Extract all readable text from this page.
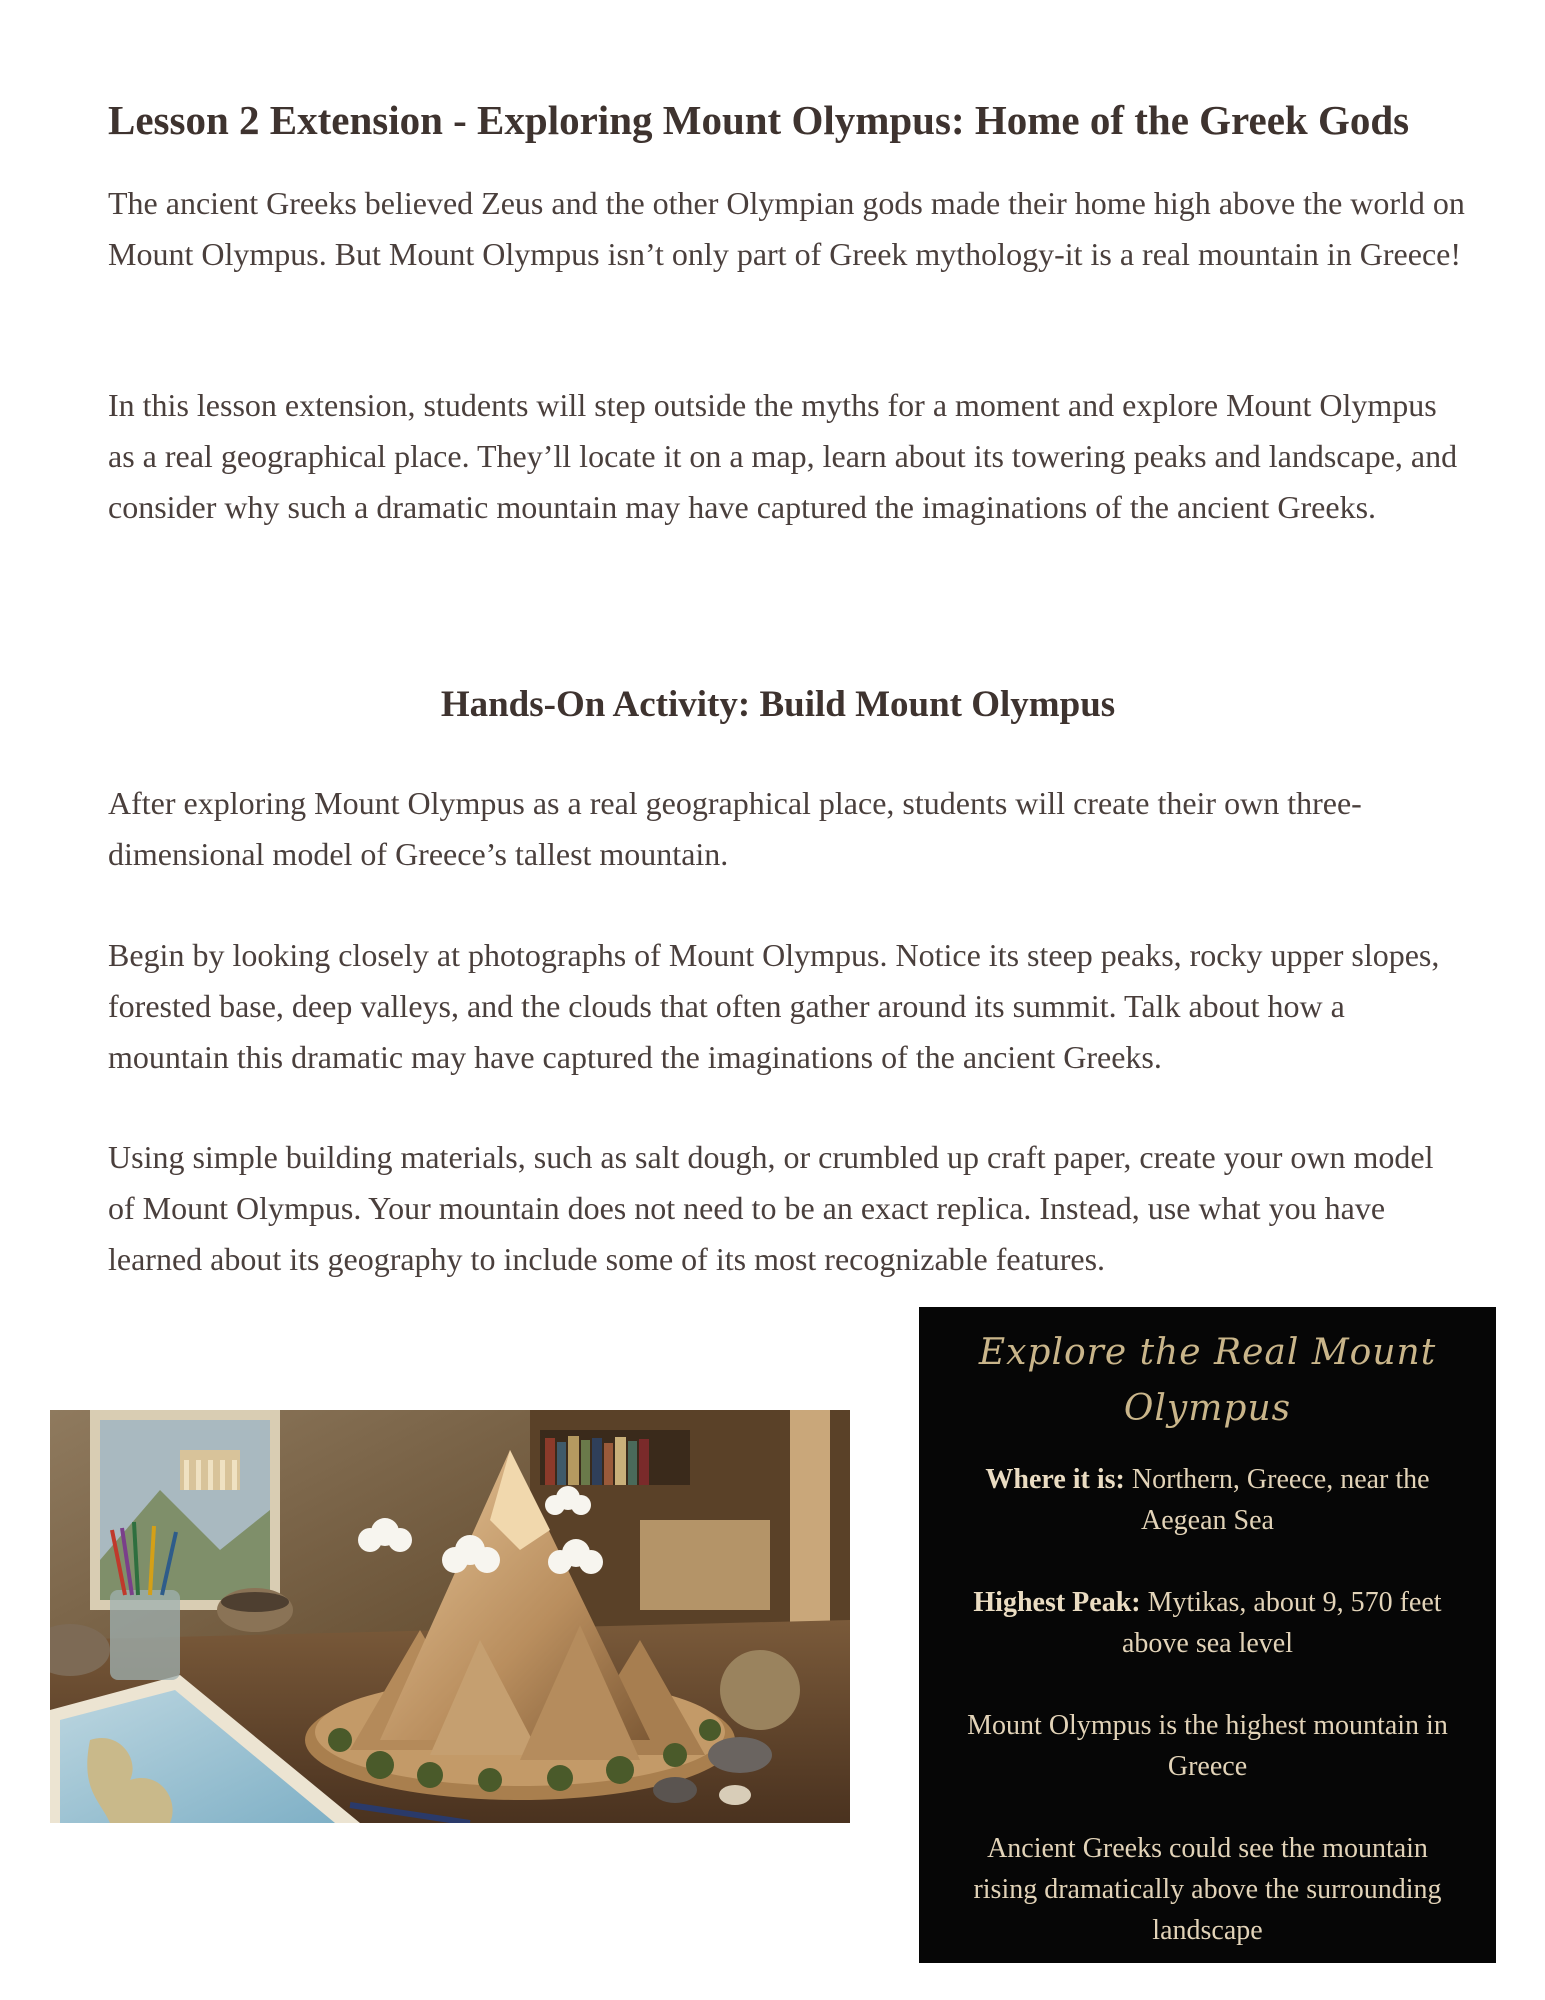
Lesson 2 Extension - Exploring Mount Olympus: Home of the Greek Gods

The ancient Greeks believed Zeus and the other Olympian gods made their home high above the world on Mount Olympus. But Mount Olympus isn’t only part of Greek mythology-it is a real mountain in Greece!

In this lesson extension, students will step outside the myths for a moment and explore Mount Olympus as a real geographical place. They’ll locate it on a map, learn about its towering peaks and landscape, and consider why such a dramatic mountain may have captured the imaginations of the ancient Greeks.

Hands-On Activity: Build Mount Olympus

After exploring Mount Olympus as a real geographical place, students will create their own three-dimensional model of Greece’s tallest mountain.

Begin by looking closely at photographs of Mount Olympus. Notice its steep peaks, rocky upper slopes, forested base, deep valleys, and the clouds that often gather around its summit. Talk about how a mountain this dramatic may have captured the imaginations of the ancient Greeks.

Using simple building materials, such as salt dough, or crumbled up craft paper, create your own model of Mount Olympus. Your mountain does not need to be an exact replica. Instead, use what you have learned about its geography to include some of its most recognizable features.

Explore the Real Mount Olympus
Where it is: Northern, Greece, near the Aegean Sea
Highest Peak: Mytikas, about 9, 570 feet above sea level
Mount Olympus is the highest mountain in Greece
Ancient Greeks could see the mountain rising dramatically above the surrounding landscape
